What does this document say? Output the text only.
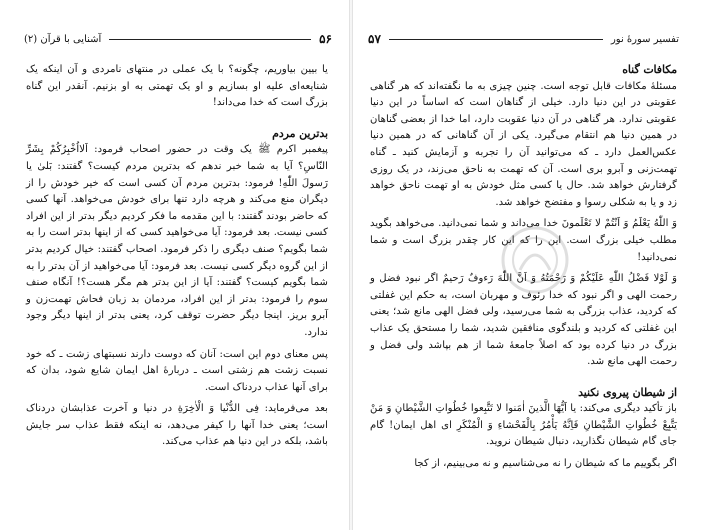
۵۶
آشنایی با قرآن (۲)

یا بیین بیاوریم، چگونه؟ با یک عملی در منتهای نامردی و آن اینکه یک شنایعه‌ای علیه او بسازیم و او یک تهمتی به او بزنیم. آنقدر این گناه بزرگ است که خدا می‌داند!

بدترین مردم

پیغمبر اکرم ﷺ یک وقت در حضور اصحاب فرمود: اَلااُخْبِرُكُمْ بِشَرِّ النّاسِ؟ آیا به شما خبر ندهم که بدترین مردم کیست؟ گفتند: بَلیٰ یا رَسولَ اللّٰهِ! فرمود: بدترین مردم آن کسی است که خیر خودش را از دیگران منع می‌کند و هرچه دارد تنها برای خودش می‌خواهد. آنها کسی که حاضر بودند گفتند: با این مقدمه ما فکر کردیم دیگر بدتر از این افراد کسی نیست. بعد فرمود: آیا می‌خواهید کسی که از اینها بدتر است را به شما بگویم؟ صنف دیگری را ذکر فرمود. اصحاب گفتند: خیال کردیم بدتر از این گروه دیگر کسی نیست. بعد فرمود: آیا می‌خواهید از آن بدتر را به شما بگویم کیست؟ گفتند: آیا از این بدتر هم مگر هست؟! آنگاه صنف سوم را فرمود: بدتر از این افراد، مردمان بد زبان فحاش تهمت‌زن و آبرو بریز. اینجا دیگر حضرت توقف کرد، یعنی بدتر از اینها دیگر وجود ندارد.

پس معنای دوم این است: آنان که دوست دارند نسبتهای زشت ـ که خود نسبت زشت هم زشتی است ـ دربارهٔ اهل ایمان شایع شود، بدان که برای آنها عذاب دردناک است.

بعد می‌فرماید: فِی الدُّنْیا وَ الْاٰخِرَةِ در دنیا و آخرت عذابشان دردناک است؛ یعنی خدا آنها را کیفر می‌دهد، نه اینکه فقط عذاب سر جایش باشد، بلکه در این دنیا هم عذاب می‌کند.

تفسیر سورهٔ نور
۵۷

مکافات گناه

مسئلهٔ مکافات قابل توجه است. چنین چیزی به ما نگفته‌اند که هر گناهی عقوبتی در این دنیا دارد. خیلی از گناهان است که اساساً در این دنیا عقوبتی ندارد. هر گناهی در آن دنیا عقوبت دارد، اما خدا از بعضی گناهان در همین دنیا هم انتقام می‌گیرد. یکی از آن گناهانی که در همین دنیا عکس‌العمل دارد ـ که می‌توانید آن را تجربه و آزمایش کنید ـ گناه تهمت‌زنی و آبرو بری است. آن که تهمت به ناحق می‌زند، در یک روزی گرفتارش خواهد شد. حال یا کسی مثل خودش به او تهمت ناحق خواهد زد و یا به شکلی رسوا و مفتضح خواهد شد.

وَ اللّٰهُ یَعْلَمُ وَ اَنْتُمْ لا تَعْلَمونَ خدا می‌داند و شما نمی‌دانید. می‌خواهد بگوید مطلب خیلی بزرگ است. این را که این کار چقدر بزرگ است و شما نمی‌دانید!

وَ لَوْلا فَضْلُ اللّٰهِ عَلَیْكُمْ وَ رَحْمَتُهُ وَ اَنَّ اللّٰهَ رَءوفٌ رَحیمٌ اگر نبود فضل و رحمت الهی و اگر نبود که خدا رئوف و مهربان است، به حکم این غفلتی که کردید، عذاب بزرگی به شما می‌رسید، ولی فضل الهی مانع شد؛ یعنی این غفلتی که کردید و بلندگوی منافقین شدید، شما را مستحق یک عذاب بزرگ در دنیا کرده بود که اصلاً جامعهٔ شما از هم بپاشد ولی فضل و رحمت الهی مانع شد.

از شیطان پیروی نکنید

باز تأکید دیگری می‌کند: یا اَیُّهَا الَّذینَ اٰمَنوا لا تَتَّبِعوا خُطُواتِ الشَّیْطانِ وَ مَنْ یَتَّبِعْ خُطُواتِ الشَّیْطانِ فَاِنَّهُ یَأْمُرُ بِالْفَحْشاءِ وَ الْمُنْكَرِ ای اهل ایمان! گام جای گام شیطان نگذارید، دنبال شیطان نروید.

اگر بگوییم ما که شیطان را نه می‌شناسیم و نه می‌بینیم، از کجا
